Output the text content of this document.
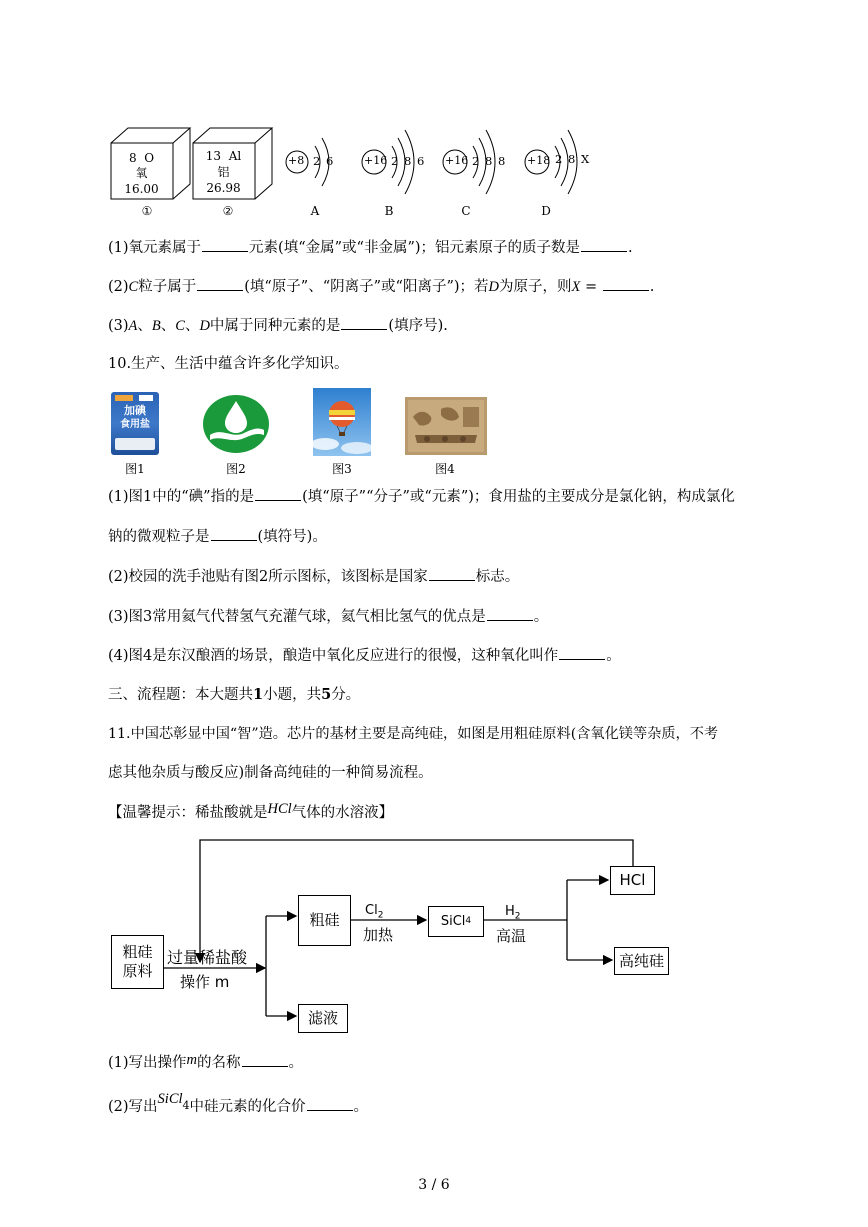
8 O
氧
16.00
13 Al
铝
26.98
+8 2 6	+16 2 8 6 +16 2 8 8 +18 2 8 X
①	②	A	B	C	D
(1)氧元素属于	元素(填“金属”或“非金属”)；铝元素原子的质子数是	.
(2)C粒子属于	(填“原子”、“阴离子”或“阳离子”)；若D为原子，则X =	.
(3)A、B、C、D中属于同种元素的是	(填序号).
10.生产、生活中蕴含许多化学知识。
加碘
食用盐
图1	图2	图3	图4
(1)图1中的“碘”指的是	(填“原子”“分子”或“元素”)；食用盐的主要成分是氯化钠，构成氯化
钠的微观粒子是	(填符号)。
(2)校园的洗手池贴有图2所示图标，该图标是国家	标志。
(3)图3常用氦气代替氢气充灌气球，氦气相比氢气的优点是	。
(4)图4是东汉酿酒的场景，酿造中氧化反应进行的很慢，这种氧化叫作	。
三、流程题：本大题共1小题，共5分。
11.中国芯彰显中国“智”造。芯片的基材主要是高纯硅，如图是用粗硅原料(含氧化镁等杂质，不考
虑其他杂质与酸反应)制备高纯硅的一种简易流程。
【温馨提示：稀盐酸就是HCl气体的水溶液】
粗硅
原料
过量稀盐酸
操作 m
粗硅
$Cl_2$
加热
SiCl 4
$H_2$
高温
HCl
高纯硅
滤液
(1)写出操作m的名称	。
(2)写出SiCl$_4$中硅元素的化合价	。
3 / 6
